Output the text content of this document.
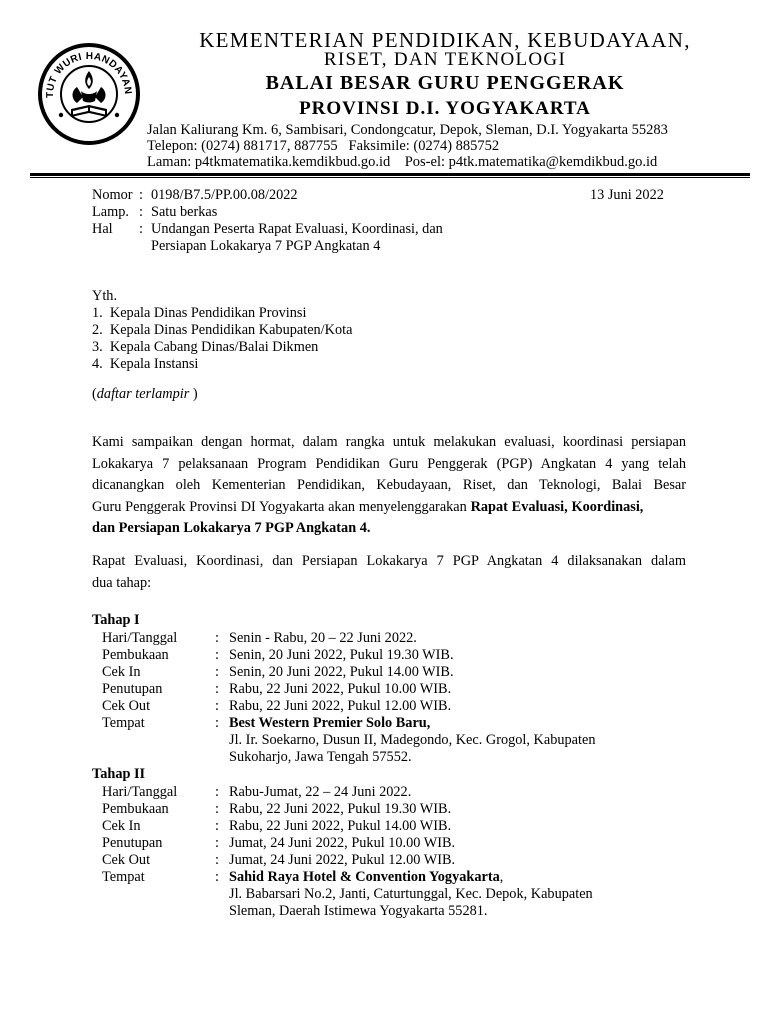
TUT WURI HANDAYAN
KEMENTERIAN PENDIDIKAN, KEBUDAYAAN,
RISET, DAN TEKNOLOGI
BALAI BESAR GURU PENGGERAK
PROVINSI D.I. YOGYAKARTA
Jalan Kaliurang Km. 6, Sambisari, Condongcatur, Depok, Sleman, D.I. Yogyakarta 55283
Telepon: (0274) 881717, 887755   Faksimile: (0274) 885752
Laman: p4tkmatematika.kemdikbud.go.id    Pos-el: p4tk.matematika@kemdikbud.go.id
Nomor : 0198/B7.5/PP.00.08/2022	13 Juni 2022
Lamp. : Satu berkas
Hal : Undangan Peserta Rapat Evaluasi, Koordinasi, dan
Persiapan Lokakarya 7 PGP Angkatan 4
Yth.
1.  Kepala Dinas Pendidikan Provinsi
2.  Kepala Dinas Pendidikan Kabupaten/Kota
3.  Kepala Cabang Dinas/Balai Dikmen
4.  Kepala Instansi
(daftar terlampir )
Kami sampaikan dengan hormat, dalam rangka untuk melakukan evaluasi, koordinasi persiapan
Lokakarya 7 pelaksanaan Program Pendidikan Guru Penggerak (PGP) Angkatan 4 yang telah
dicanangkan oleh Kementerian Pendidikan, Kebudayaan, Riset, dan Teknologi, Balai Besar
Guru Penggerak Provinsi DI Yogyakarta akan menyelenggarakan Rapat Evaluasi, Koordinasi,
dan Persiapan Lokakarya 7 PGP Angkatan 4.
Rapat Evaluasi, Koordinasi, dan Persiapan Lokakarya 7 PGP Angkatan 4 dilaksanakan dalam
dua tahap:
Tahap I
Hari/Tanggal	: Senin - Rabu, 20 – 22 Juni 2022.
Pembukaan	: Senin, 20 Juni 2022, Pukul 19.30 WIB.
Cek In	: Senin, 20 Juni 2022, Pukul 14.00 WIB.
Penutupan	: Rabu, 22 Juni 2022, Pukul 10.00 WIB.
Cek Out	: Rabu, 22 Juni 2022, Pukul 12.00 WIB.
Tempat	: Best Western Premier Solo Baru,
Jl. Ir. Soekarno, Dusun II, Madegondo, Kec. Grogol, Kabupaten
Sukoharjo, Jawa Tengah 57552.
Tahap II
Hari/Tanggal	: Rabu-Jumat, 22 – 24 Juni 2022.
Pembukaan	: Rabu, 22 Juni 2022, Pukul 19.30 WIB.
Cek In	: Rabu, 22 Juni 2022, Pukul 14.00 WIB.
Penutupan	: Jumat, 24 Juni 2022, Pukul 10.00 WIB.
Cek Out	: Jumat, 24 Juni 2022, Pukul 12.00 WIB.
Tempat	: Sahid Raya Hotel & Convention Yogyakarta,
Jl. Babarsari No.2, Janti, Caturtunggal, Kec. Depok, Kabupaten
Sleman, Daerah Istimewa Yogyakarta 55281.
